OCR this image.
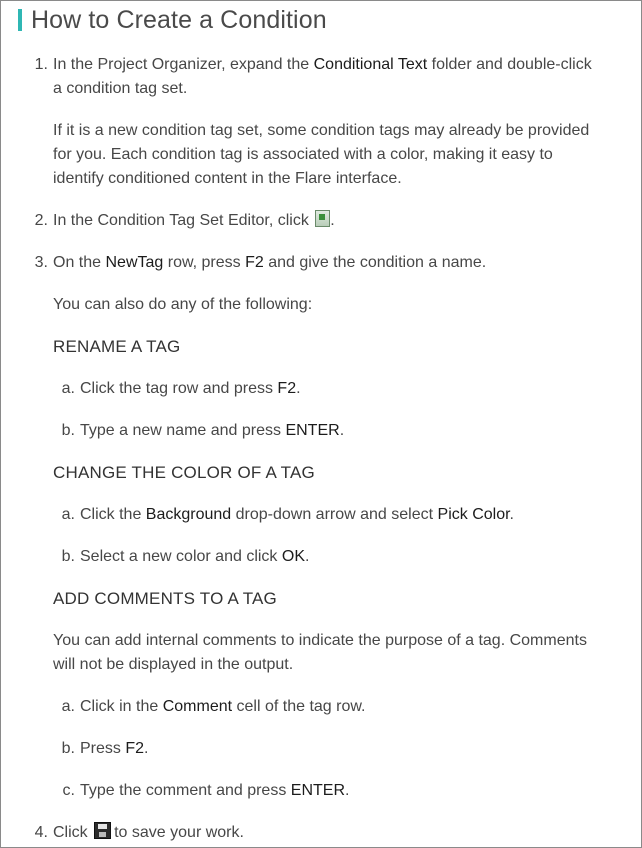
How to Create a Condition
1. In the Project Organizer, expand the Conditional Text folder and double-click
a condition tag set.
If it is a new condition tag set, some condition tags may already be provided
for you. Each condition tag is associated with a color, making it easy to
identify conditioned content in the Flare interface.
2. In the Condition Tag Set Editor, click .
3. On the NewTag row, press F2 and give the condition a name.
You can also do any of the following:
RENAME A TAG
a. Click the tag row and press F2.
b. Type a new name and press ENTER.
CHANGE THE COLOR OF A TAG
a. Click the Background drop-down arrow and select Pick Color.
b. Select a new color and click OK.
ADD COMMENTS TO A TAG
You can add internal comments to indicate the purpose of a tag. Comments
will not be displayed in the output.
a. Click in the Comment cell of the tag row.
b. Press F2.
c. Type the comment and press ENTER.
4. Click to save your work.
